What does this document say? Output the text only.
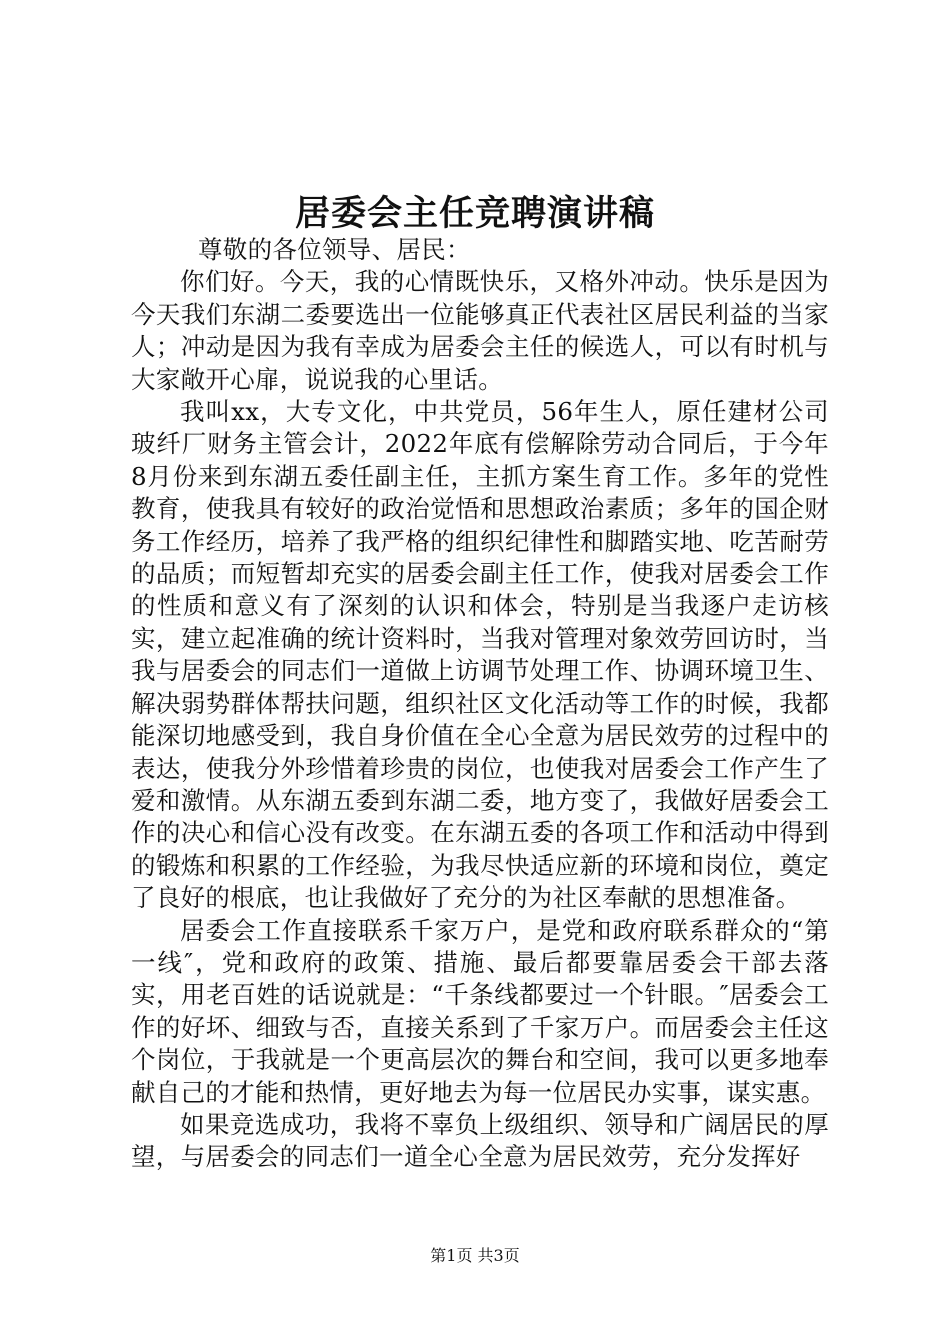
居委会主任竞聘演讲稿

尊敬的各位领导、居民：

你们好。今天，我的心情既快乐，又格外冲动。快乐是因为今天我们东湖二委要选出一位能够真正代表社区居民利益的当家人；冲动是因为我有幸成为居委会主任的候选人，可以有时机与大家敞开心扉，说说我的心里话。

我叫xx，大专文化，中共党员，56年生人，原任建材公司玻纤厂财务主管会计，2022年底有偿解除劳动合同后，于今年8月份来到东湖五委任副主任，主抓方案生育工作。多年的党性教育，使我具有较好的政治觉悟和思想政治素质；多年的国企财务工作经历，培养了我严格的组织纪律性和脚踏实地、吃苦耐劳的品质；而短暂却充实的居委会副主任工作，使我对居委会工作的性质和意义有了深刻的认识和体会，特别是当我逐户走访核实，建立起准确的统计资料时，当我对管理对象效劳回访时，当我与居委会的同志们一道做上访调节处理工作、协调环境卫生、解决弱势群体帮扶问题，组织社区文化活动等工作的时候，我都能深切地感受到，我自身价值在全心全意为居民效劳的过程中的表达，使我分外珍惜着珍贵的岗位，也使我对居委会工作产生了爱和激情。从东湖五委到东湖二委，地方变了，我做好居委会工作的决心和信心没有改变。在东湖五委的各项工作和活动中得到的锻炼和积累的工作经验，为我尽快适应新的环境和岗位，奠定了良好的根底，也让我做好了充分的为社区奉献的思想准备。

居委会工作直接联系千家万户，是党和政府联系群众的“第一线″，党和政府的政策、措施、最后都要靠居委会干部去落实，用老百姓的话说就是：“千条线都要过一个针眼。″居委会工作的好坏、细致与否，直接关系到了千家万户。而居委会主任这个岗位，于我就是一个更高层次的舞台和空间，我可以更多地奉献自己的才能和热情，更好地去为每一位居民办实事，谋实惠。

如果竞选成功，我将不辜负上级组织、领导和广阔居民的厚望，与居委会的同志们一道全心全意为居民效劳，充分发挥好

第1页 共3页
